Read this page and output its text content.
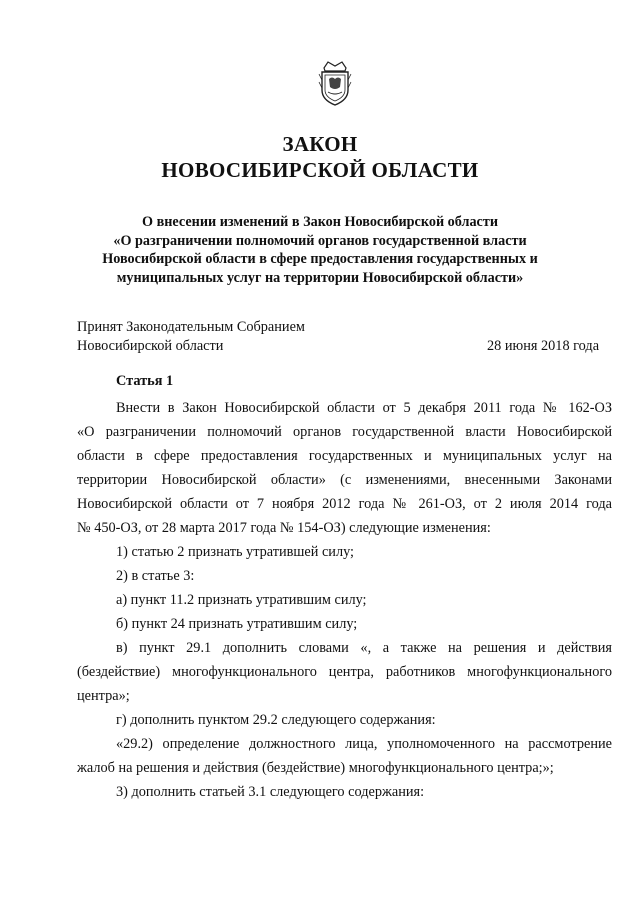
ЗАКОН
НОВОСИБИРСКОЙ ОБЛАСТИ
О внесении изменений в Закон Новосибирской области
«О разграничении полномочий органов государственной власти
Новосибирской области в сфере предоставления государственных и
муниципальных услуг на территории Новосибирской области»
Принят Законодательным Собранием
Новосибирской области	28 июня 2018 года
Статья 1
Внести в Закон Новосибирской области от 5 декабря 2011 года № 162-ОЗ
«О разграничении полномочий органов государственной власти Новосибирской
области в сфере предоставления государственных и муниципальных услуг на
территории Новосибирской области» (с изменениями, внесенными Законами
Новосибирской области от 7 ноября 2012 года № 261-ОЗ, от 2 июля 2014 года
№ 450-ОЗ, от 28 марта 2017 года № 154-ОЗ) следующие изменения:
1) статью 2 признать утратившей силу;
2) в статье 3:
а) пункт 11.2 признать утратившим силу;
б) пункт 24 признать утратившим силу;
в) пункт 29.1 дополнить словами «, а также на решения и действия
(бездействие) многофункционального центра, работников многофункционального
центра»;
г) дополнить пунктом 29.2 следующего содержания:
«29.2) определение должностного лица, уполномоченного на рассмотрение
жалоб на решения и действия (бездействие) многофункционального центра;»;
3) дополнить статьей 3.1 следующего содержания:
